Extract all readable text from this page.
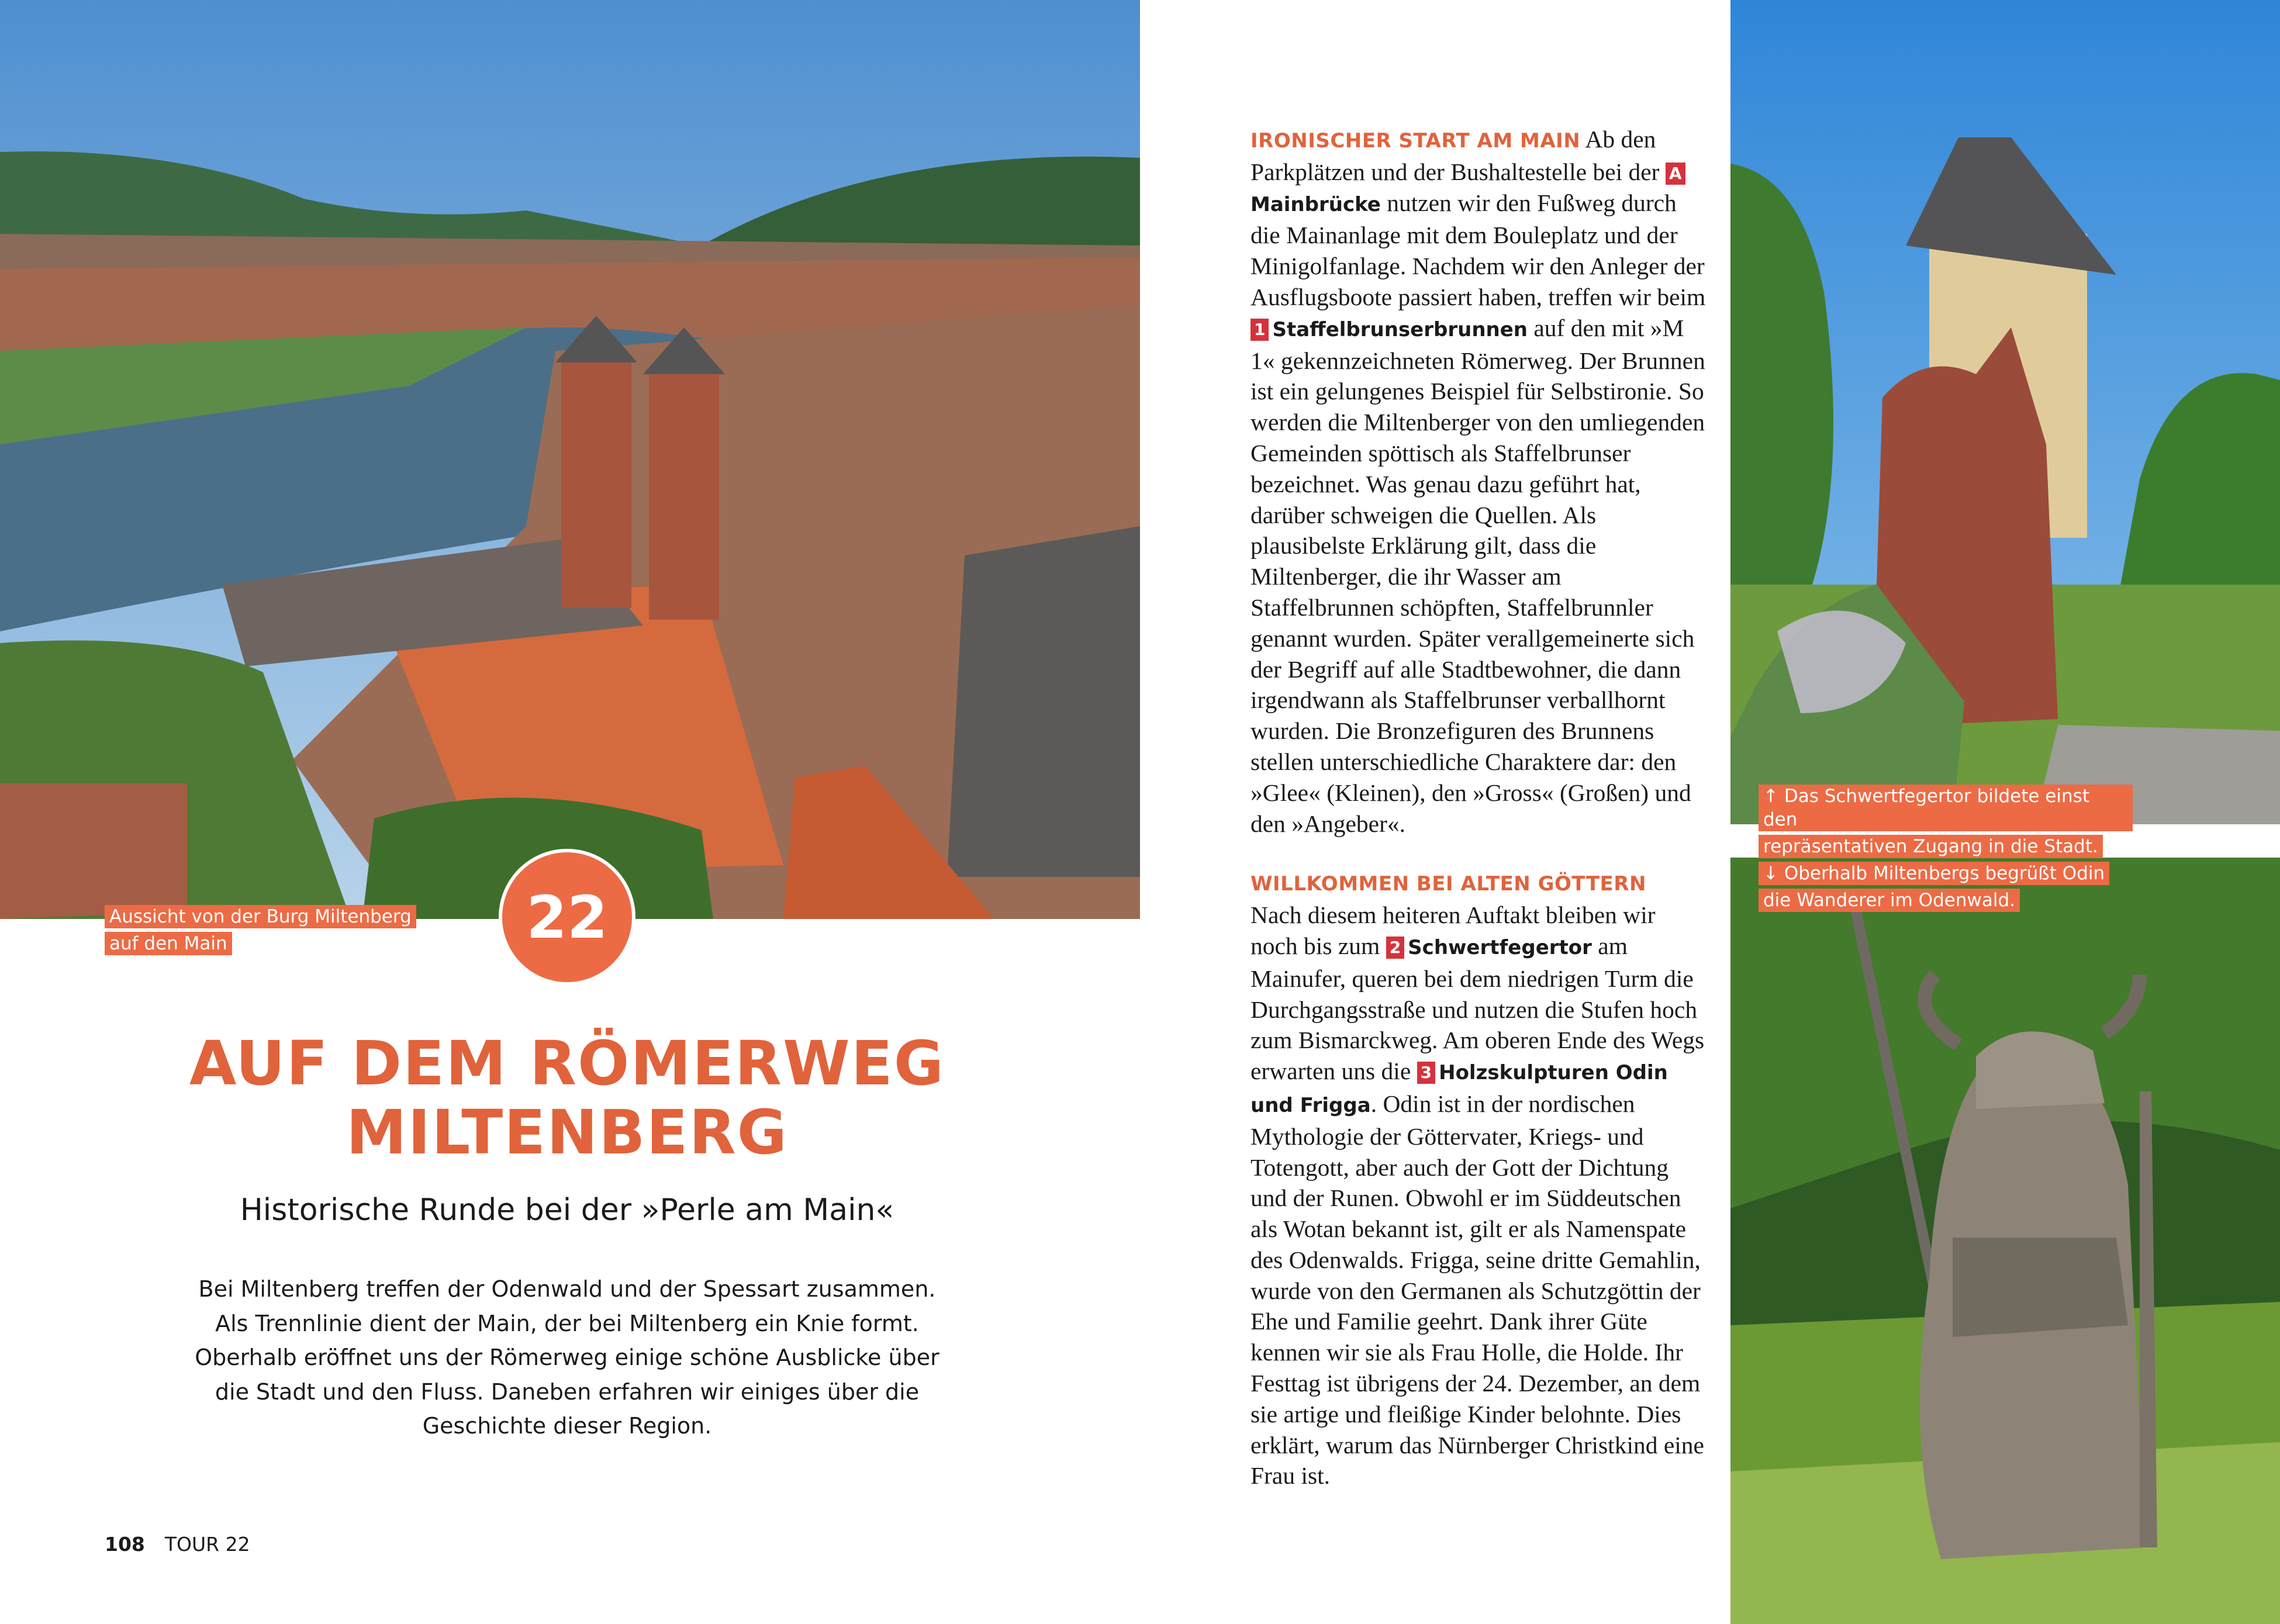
Aussicht von der Burg Miltenberg
auf den Main	22
AUF DEM RÖMERWEG
MILTENBERG
Historische Runde bei der »Perle am Main«
Bei Miltenberg treffen der Odenwald und der Spessart zusammen. Als Trennlinie dient der Main, der bei Miltenberg ein Knie formt. Oberhalb eröffnet uns der Römerweg einige schöne Ausblicke über die Stadt und den Fluss. Daneben erfahren wir einiges über die Geschichte dieser Region.
108 TOUR 22

IRONISCHER START AM MAIN Ab den Parkplätzen und der Bushaltestelle bei der AMainbrücke nutzen wir den Fußweg durch die Mainanlage mit dem Bouleplatz und der Minigolfanlage. Nachdem wir den Anleger der Ausflugsboote passiert haben, treffen wir beim 1 Staffelbrunserbrunnen auf den mit »M 1« gekennzeichneten Römerweg. Der Brunnen ist ein gelungenes Beispiel für Selbstironie. So werden die Miltenberger von den umliegenden Gemeinden spöttisch als Staffelbrunser bezeichnet. Was genau dazu geführt hat, darüber schweigen die Quellen. Als plausibelste Erklärung gilt, dass die Miltenberger, die ihr Wasser am Staffelbrunnen schöpften, Staffelbrunnler genannt wurden. Später verallgemeinerte sich der Begriff auf alle Stadtbewohner, die dann irgendwann als Staffelbrunser verballhornt wurden. Die Bronzefiguren des Brunnens stellen unterschiedliche Charaktere dar: den »Glee« (Kleinen), den »Gross« (Großen) und den »Angeber«.

WILLKOMMEN BEI ALTEN GÖTTERN
Nach diesem heiteren Auftakt bleiben wir noch bis zum 2 Schwertfegertor am Mainufer, queren bei dem niedrigen Turm die Durchgangsstraße und nutzen die Stufen hoch zum Bismarckweg. Am oberen Ende des Wegs erwarten uns die 3 Holzskulpturen Odin und Frigga. Odin ist in der nordischen Mythologie der Göttervater, Kriegs- und Totengott, aber auch der Gott der Dichtung und der Runen. Obwohl er im Süddeutschen als Wotan bekannt ist, gilt er als Namenspate des Odenwalds. Frigga, seine dritte Gemahlin, wurde von den Germanen als Schutzgöttin der Ehe und Familie geehrt. Dank ihrer Güte kennen wir sie als Frau Holle, die Holde. Ihr Festtag ist übrigens der 24. Dezember, an dem sie artige und fleißige Kinder belohnte. Dies erklärt, warum das Nürnberger Christkind eine Frau ist.

↑ Das Schwertfegertor bildete einst den
repräsentativen Zugang in die Stadt.
↓ Oberhalb Miltenbergs begrüßt Odin
die Wanderer im Odenwald.
